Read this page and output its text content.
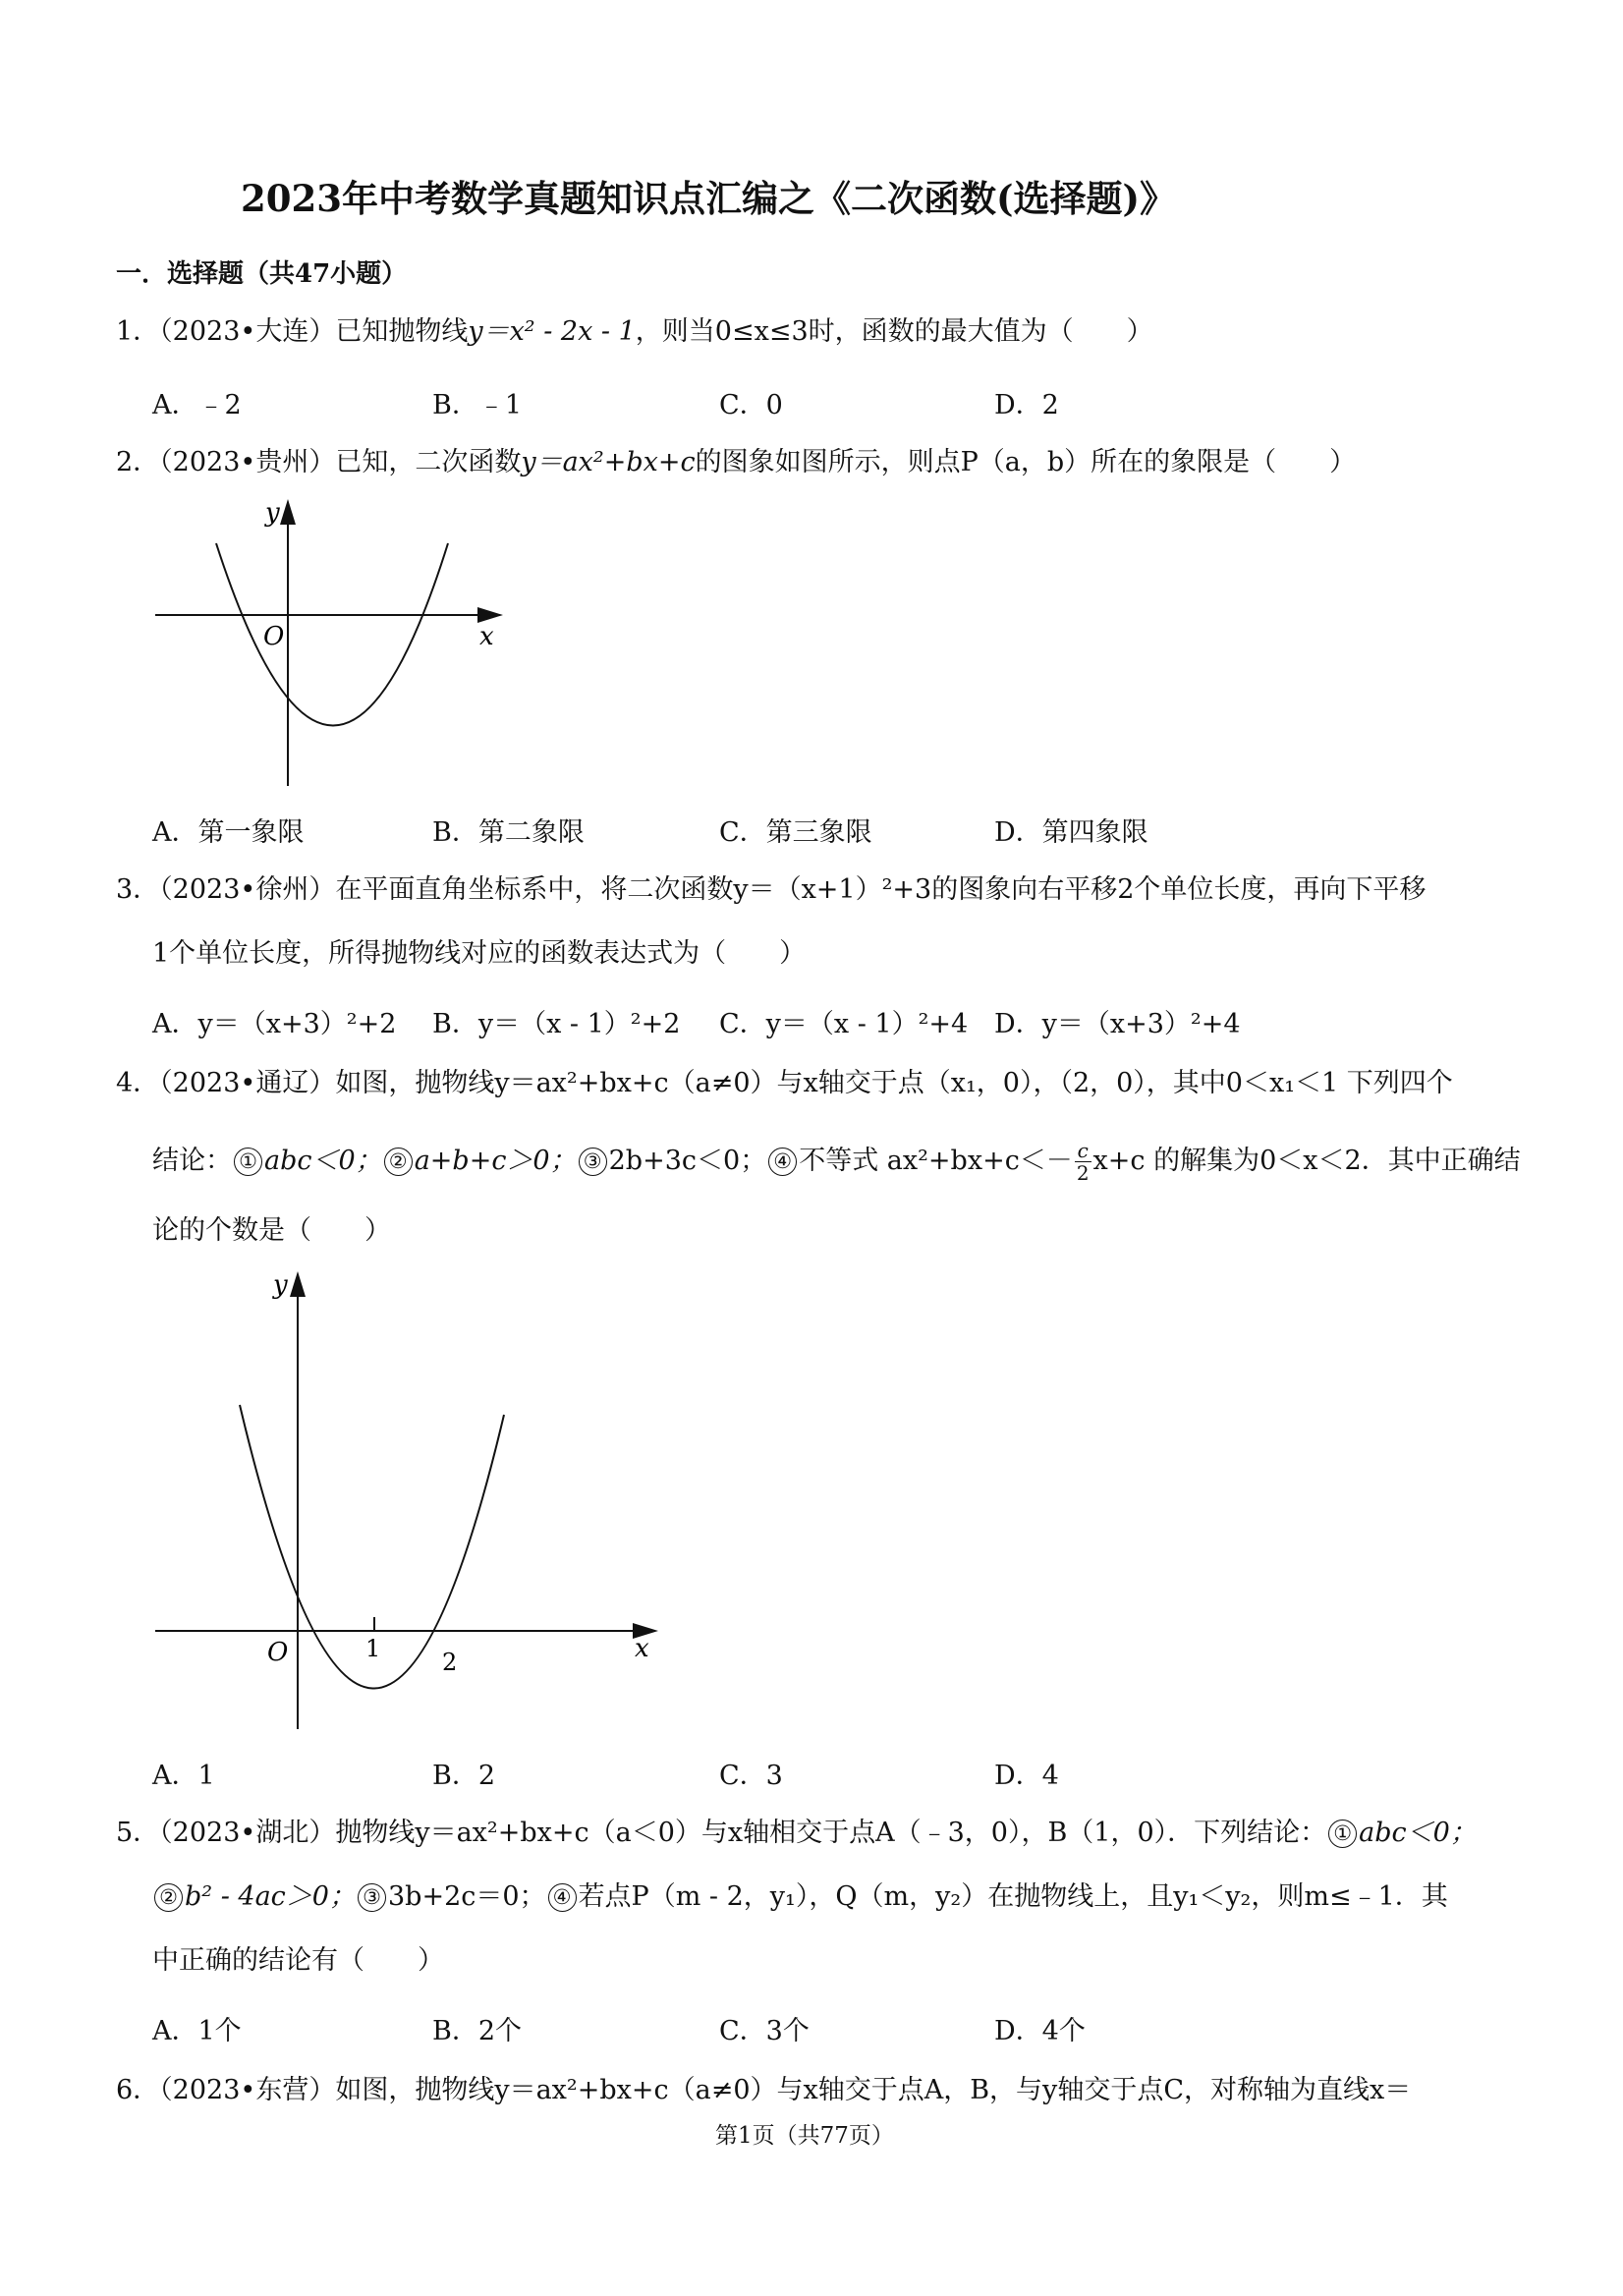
2023年中考数学真题知识点汇编之《二次函数(选择题)》
一．选择题（共47小题）
1．（2023•大连）已知抛物线y＝x² - 2x - 1，则当0≤x≤3时，函数的最大值为（　　）
A．﹣2	B．﹣1	C．0	D．2
2．（2023•贵州）已知，二次函数y＝ax²+bx+c的图象如图所示，则点P（a，b）所在的象限是（　　）
y
x
O
A．第一象限	B．第二象限	C．第三象限	D．第四象限
3．（2023•徐州）在平面直角坐标系中，将二次函数y＝（x+1）²+3的图象向右平移2个单位长度，再向下平移
1个单位长度，所得抛物线对应的函数表达式为（　　）
A．y＝（x+3）²+2 B．y＝（x - 1）²+2 C．y＝（x - 1）²+4 D．y＝（x+3）²+4
4．（2023•通辽）如图，抛物线y＝ax²+bx+c（a≠0）与x轴交于点（x₁，0），（2，0），其中0＜x₁＜1 下列四个
结论： ① abc＜0； ② a+b+c＞0； ③ 2b+3c＜0； ④ 不等式 $ax^2+bx+c<- \frac{c}{2} x+c$ 的解集为0＜x＜2．其中正确结
论的个数是（　　）
y
x
O	1	2
A．1	B．2	C．3	D．4
5．（2023•湖北）抛物线y＝ax²+bx+c（a＜0）与x轴相交于点A（﹣3，0），B（1，0）．下列结论： ① abc＜0；
② b² - 4ac＞0； ③ 3b+2c＝0； ④ 若点P（m - 2，y₁），Q（m，y₂）在抛物线上，且y₁＜y₂，则m≤﹣1．其
中正确的结论有（　　）
A．1个	B．2个	C．3个	D．4个
6．（2023•东营）如图，抛物线y＝ax²+bx+c（a≠0）与x轴交于点A，B，与y轴交于点C，对称轴为直线x＝
第1页（共77页）
